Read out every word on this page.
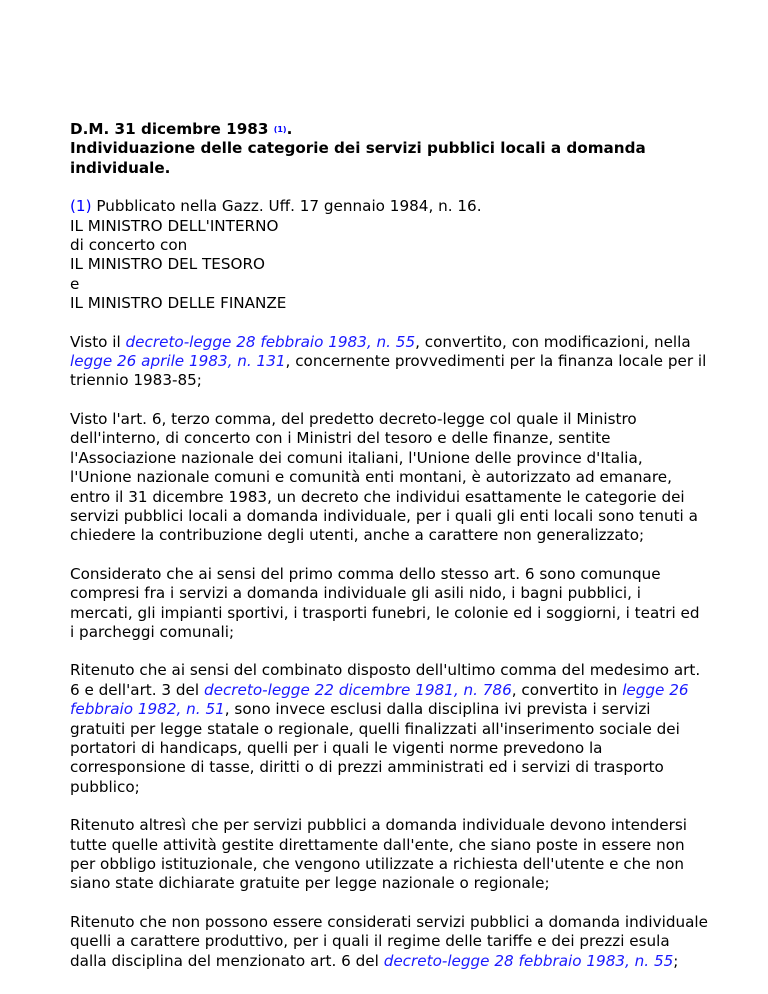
D.M. 31 dicembre 1983 $^{(1)}$.
Individuazione delle categorie dei servizi pubblici locali a domanda individuale.

(1) Pubblicato nella Gazz. Uff. 17 gennaio 1984, n. 16.
IL MINISTRO DELL'INTERNO
di concerto con
IL MINISTRO DEL TESORO
e
IL MINISTRO DELLE FINANZE

Visto il decreto-legge 28 febbraio 1983, n. 55, convertito, con modificazioni, nella legge 26 aprile 1983, n. 131, concernente provvedimenti per la finanza locale per il triennio 1983-85;

Visto l'art. 6, terzo comma, del predetto decreto-legge col quale il Ministro dell'interno, di concerto con i Ministri del tesoro e delle finanze, sentite l'Associazione nazionale dei comuni italiani, l'Unione delle province d'Italia, l'Unione nazionale comuni e comunità enti montani, è autorizzato ad emanare, entro il 31 dicembre 1983, un decreto che individui esattamente le categorie dei servizi pubblici locali a domanda individuale, per i quali gli enti locali sono tenuti a chiedere la contribuzione degli utenti, anche a carattere non generalizzato;

Considerato che ai sensi del primo comma dello stesso art. 6 sono comunque compresi fra i servizi a domanda individuale gli asili nido, i bagni pubblici, i mercati, gli impianti sportivi, i trasporti funebri, le colonie ed i soggiorni, i teatri ed i parcheggi comunali;

Ritenuto che ai sensi del combinato disposto dell'ultimo comma del medesimo art. 6 e dell'art. 3 del decreto-legge 22 dicembre 1981, n. 786, convertito in legge 26 febbraio 1982, n. 51, sono invece esclusi dalla disciplina ivi prevista i servizi gratuiti per legge statale o regionale, quelli finalizzati all'inserimento sociale dei portatori di handicaps, quelli per i quali le vigenti norme prevedono la corresponsione di tasse, diritti o di prezzi amministrati ed i servizi di trasporto pubblico;

Ritenuto altresì che per servizi pubblici a domanda individuale devono intendersi tutte quelle attività gestite direttamente dall'ente, che siano poste in essere non per obbligo istituzionale, che vengono utilizzate a richiesta dell'utente e che non siano state dichiarate gratuite per legge nazionale o regionale;

Ritenuto che non possono essere considerati servizi pubblici a domanda individuale quelli a carattere produttivo, per i quali il regime delle tariffe e dei prezzi esula dalla disciplina del menzionato art. 6 del decreto-legge 28 febbraio 1983, n. 55;
